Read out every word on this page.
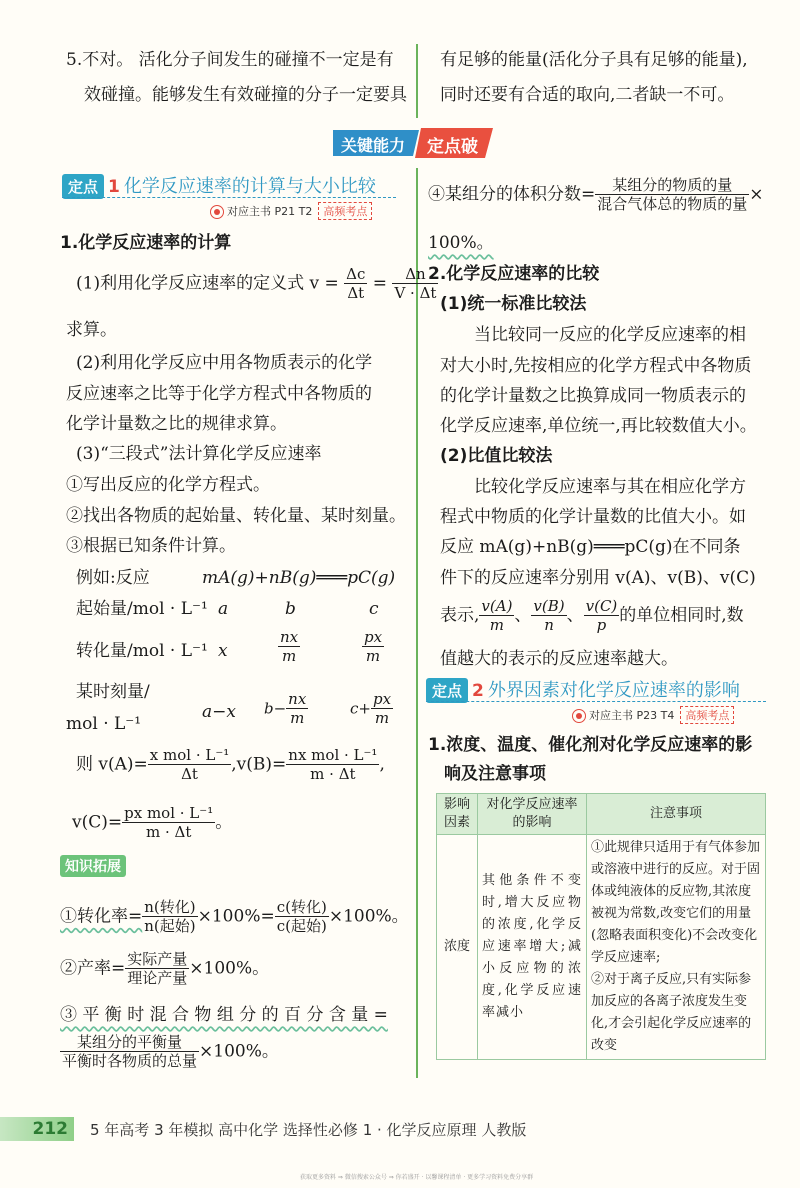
5.不对。 活化分子间发生的碰撞不一定是有
效碰撞。能够发生有效碰撞的分子一定要具
有足够的能量(活化分子具有足够的能量),
同时还要有合适的取向,二者缺一不可。
关键能力 定点破
定点 1 化学反应速率的计算与大小比较
对应主书 P21 T2 高频考点
1.化学反应速率的计算
(1)利用化学反应速率的定义式 $v = \frac{\Delta c}{\Delta t} = \frac{\Delta n}{V \cdot \Delta t}$
求算。
(2)利用化学反应中用各物质表示的化学
反应速率之比等于化学方程式中各物质的
化学计量数之比的规律求算。
(3)“三段式”法计算化学反应速率
①写出反应的化学方程式。
②找出各物质的起始量、转化量、某时刻量。
③根据已知条件计算。
例如:反应	mA(g)+nB(g)═══pC(g)
起始量/mol · L⁻¹ a	b	c
转化量/mol · L⁻¹ x	$\frac{nx}{m}$	$\frac{px}{m}$
某时刻量/
mol · L⁻¹
a−x $b- \frac{nx}{m}$	$c+ \frac{px}{m}$
则 $v(A)= \frac{\text{x mol · L⁻¹}}{\Delta t} ,v(B)= \frac{\text{nx mol · L⁻¹}}{m \cdot \Delta t}$ ,
$v(C)= \frac{\text{px mol · L⁻¹}}{m \cdot \Delta t}$ 。
知识拓展
①转化率= $\frac{\text{n(转化)}}{\text{n(起始)}} \times 100\%= \frac{\text{c(转化)}}{\text{c(起始)}} \times 100\%$。
②产率= $\frac{\text{实际产量}}{\text{理论产量}} \times 100\%$。
③ 平 衡 时 混 合 物 组 分 的 百 分 含 量 =
$\frac{\text{某组分的平衡量}}{\text{平衡时各物质的总量}} \times 100\%$。
④某组分的体积分数= $\frac{\text{某组分的物质的量}}{\text{混合气体总的物质的量}}$ ×
100%。
2.化学反应速率的比较
(1)统一标准比较法
当比较同一反应的化学反应速率的相
对大小时,先按相应的化学方程式中各物质
的化学计量数之比换算成同一物质表示的
化学反应速率,单位统一,再比较数值大小。
(2)比值比较法
比较化学反应速率与其在相应化学方
程式中物质的化学计量数的比值大小。如
反应 mA(g)+nB(g)═══pC(g)在不同条
件下的反应速率分别用 v(A)、v(B)、v(C)
表示, $\frac{v(A)}{m}$ 、 $\frac{v(B)}{n}$ 、 $\frac{v(C)}{p}$ 的单位相同时,数
值越大的表示的反应速率越大。
定点 2 外界因素对化学反应速率的影响
对应主书 P23 T4 高频考点
1.浓度、温度、催化剂对化学反应速率的影
响及注意事项
影响因素	对化学反应速率的影响	注意事项
浓度	其他条件不变时,增大反应物的浓度,化学反应速率增大;减小反应物的浓度,化学反应速率减小	①此规律只适用于有气体参加或溶液中进行的反应。对于固体或纯液体的反应物,其浓度被视为常数,改变它们的用量(忽略表面积变化)不会改变化学反应速率;
②对于离子反应,只有实际参加反应的各离子浓度发生变化,才会引起化学反应速率的改变
212 5 年高考 3 年模拟 高中化学 选择性必修 1 · 化学反应原理 人教版
获取更多资料 ⇒ 微信搜索公众号 ⇒ 你若盛开 · 以馨课程清单 · 更多学习资料免费分享群
